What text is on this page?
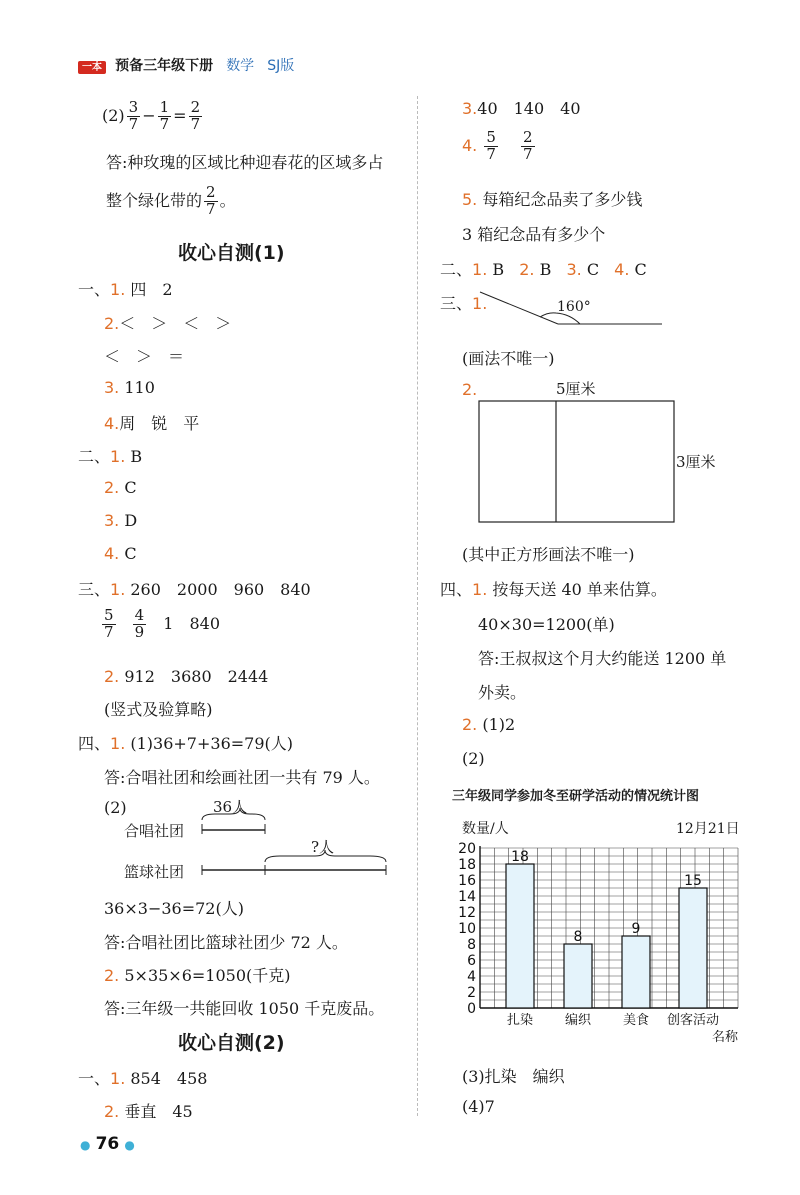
一本 预备三年级下册 数学 SJ版
$(2) \frac{3}{7} - \frac{1}{7} = \frac{2}{7}$
答:种玫瑰的区域比种迎春花的区域多占
整个绿化带的 $\frac{2}{7}$ 。
收心自测(1)
一、1. 四　2
2.＜　＞　＜　＞
＜　＞　＝
3. 110
4.周　锐　平
二、1. B
2. C
3. D
4. C
三、1. 260　2000　960　840
$\frac{5}{7}$
$\frac{4}{9} 1$　840
2. 912　3680　2444
(竖式及验算略)
四、1. (1)36+7+36=79(人)
答:合唱社团和绘画社团一共有 79 人。
(2)	36人
合唱社团
?人
篮球社团
36×3−36=72(人)
答:合唱社团比篮球社团少 72 人。
2. 5×35×6=1050(千克)
答:三年级一共能回收 1050 千克废品。
收心自测(2)
一、1. 854　458
2. 垂直　45
3.40　140　40
4. $\frac{5}{7}$
$\frac{2}{7}$
5. 每箱纪念品卖了多少钱
3 箱纪念品有多少个
二、1. B 2. B 3. C 4. C
三、1.	160°
(画法不唯一)
2.	5厘米
3厘米
(其中正方形画法不唯一)
四、1. 按每天送 40 单来估算。
40×30=1200(单)
答:王叔叔这个月大约能送 1200 单
外卖。
2. (1)2
(2)
三年级同学参加冬至研学活动的情况统计图
数量/人	12月21日
0
2
4
6
8
10
12
14
16
18
20	18
扎染
8
编织
9
美食
15
创客活动
名称
(3)扎染　编织
(4)7
● 76 ●
